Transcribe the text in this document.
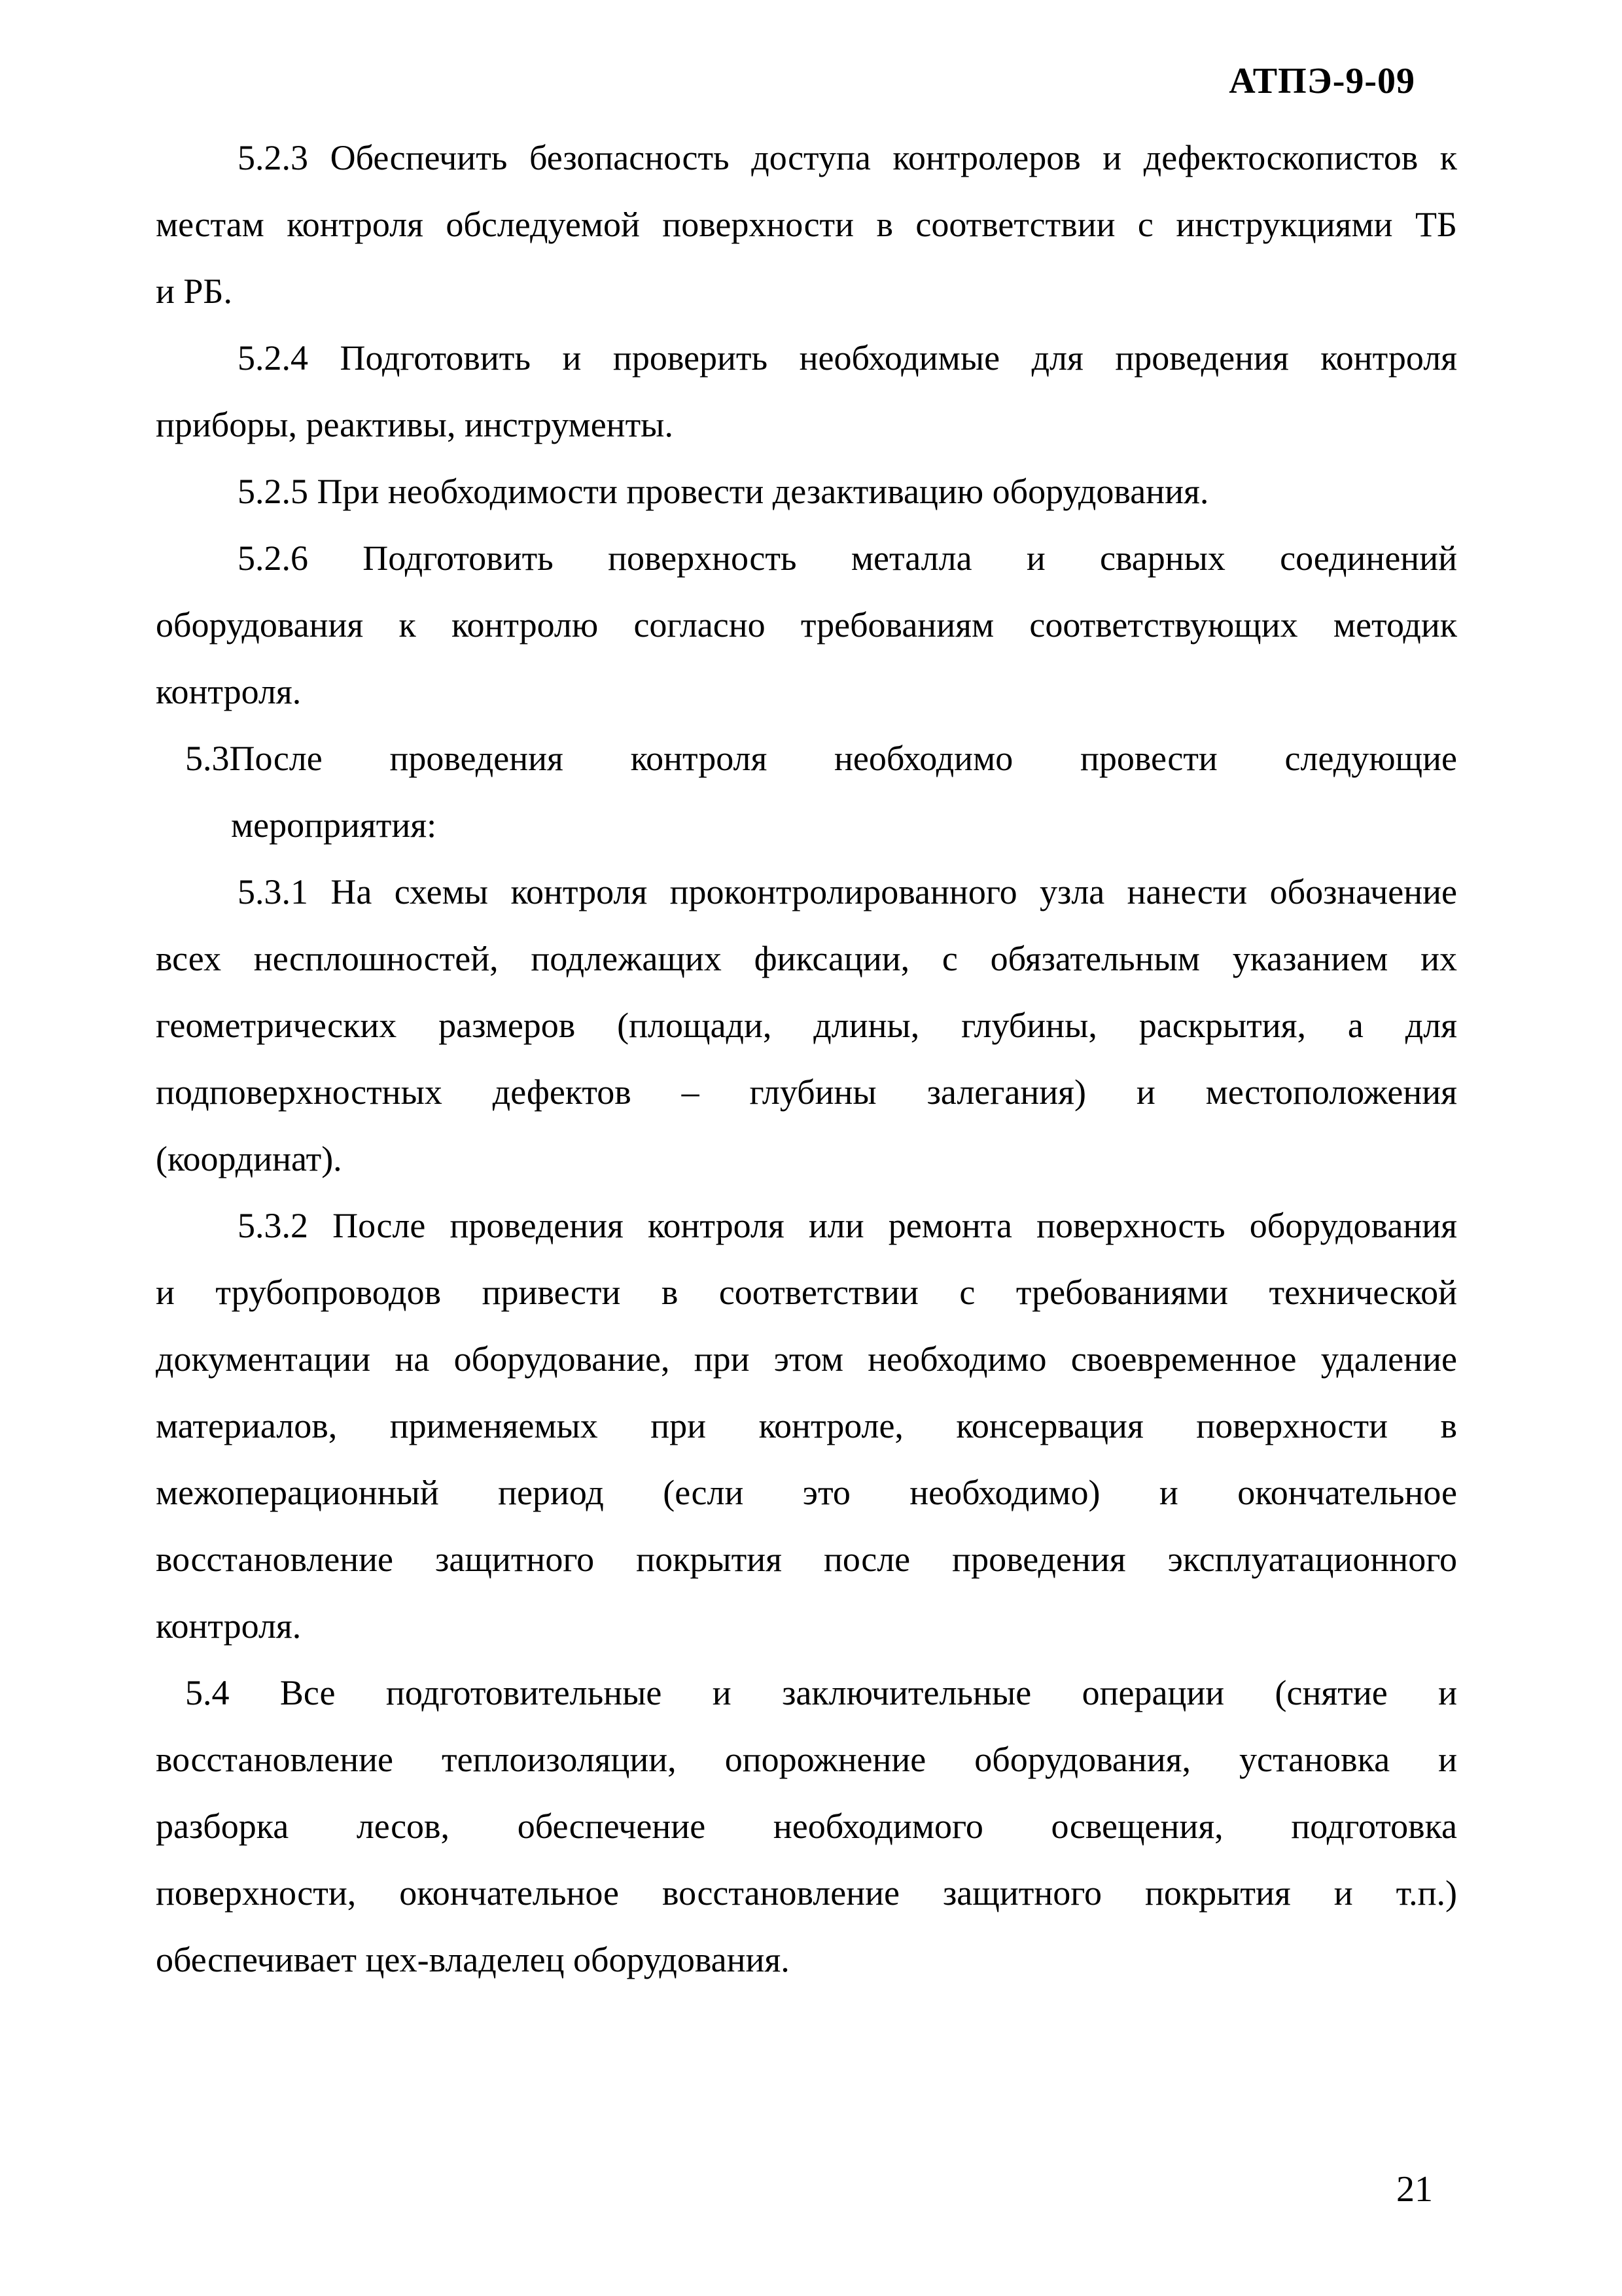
АТПЭ-9-09
5.2.3 Обеспечить безопасность доступа контролеров и дефектоскопистов к
местам контроля обследуемой поверхности в соответствии с инструкциями ТБ
и РБ.
5.2.4 Подготовить и проверить необходимые для проведения контроля
приборы, реактивы, инструменты.
5.2.5 При необходимости провести дезактивацию оборудования.
5.2.6 Подготовить поверхность металла и сварных соединений
оборудования к контролю согласно требованиям соответствующих методик
контроля.
5.3После проведения контроля необходимо провести следующие
мероприятия:
5.3.1 На схемы контроля проконтролированного узла нанести обозначение
всех несплошностей, подлежащих фиксации, с обязательным указанием их
геометрических размеров (площади, длины, глубины, раскрытия, а для
подповерхностных дефектов – глубины залегания) и местоположения
(координат).
5.3.2 После проведения контроля или ремонта поверхность оборудования
и трубопроводов привести в соответствии с требованиями технической
документации на оборудование, при этом необходимо своевременное удаление
материалов, применяемых при контроле, консервация поверхности в
межоперационный период (если это необходимо) и окончательное
восстановление защитного покрытия после проведения эксплуатационного
контроля.
5.4 Все подготовительные и заключительные операции (снятие и
восстановление теплоизоляции, опорожнение оборудования, установка и
разборка лесов, обеспечение необходимого освещения, подготовка
поверхности, окончательное восстановление защитного покрытия и т.п.)
обеспечивает цех-владелец оборудования.
21
